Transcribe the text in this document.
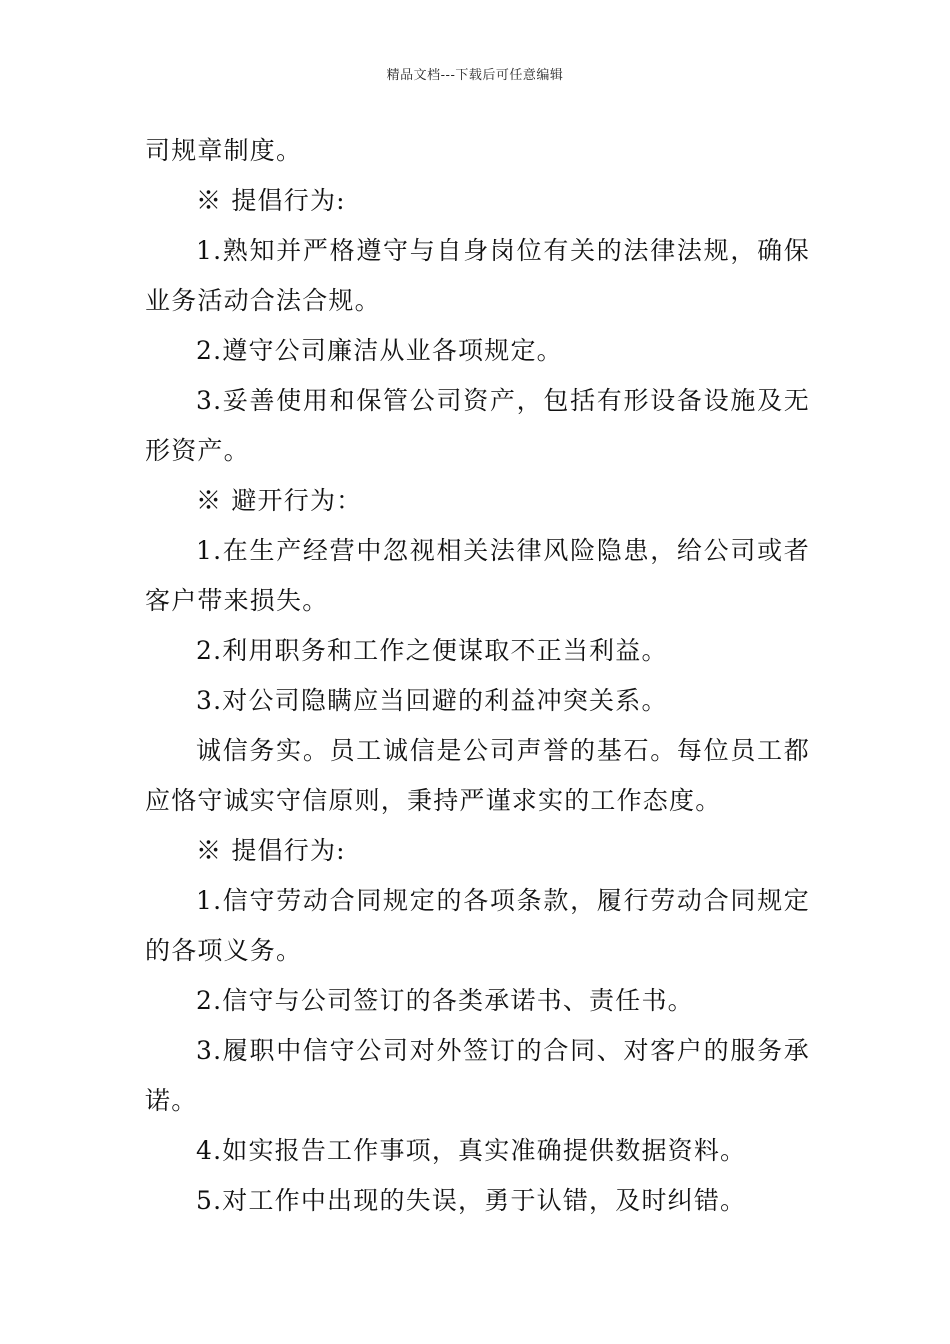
精品文档---下载后可任意编辑
司规章制度。
※ 提倡行为:
1.熟知并严格遵守与自身岗位有关的法律法规，确保
业务活动合法合规。
2.遵守公司廉洁从业各项规定。
3.妥善使用和保管公司资产，包括有形设备设施及无
形资产。
※ 避开行为：
1.在生产经营中忽视相关法律风险隐患，给公司或者
客户带来损失。
2.利用职务和工作之便谋取不正当利益。
3.对公司隐瞒应当回避的利益冲突关系。
诚信务实。员工诚信是公司声誉的基石。每位员工都
应恪守诚实守信原则，秉持严谨求实的工作态度。
※ 提倡行为:
1.信守劳动合同规定的各项条款，履行劳动合同规定
的各项义务。
2.信守与公司签订的各类承诺书、责任书。
3.履职中信守公司对外签订的合同、对客户的服务承
诺。
4.如实报告工作事项，真实准确提供数据资料。
5.对工作中出现的失误，勇于认错，及时纠错。
